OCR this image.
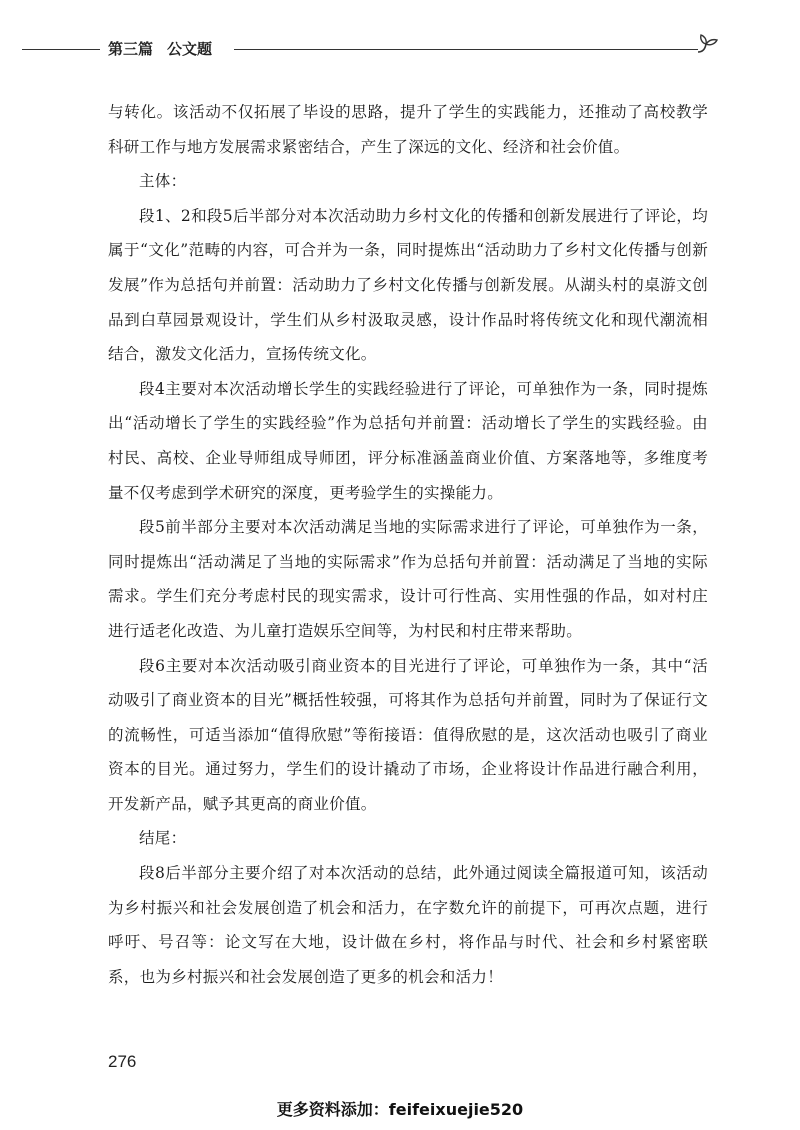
第三篇 公文题

与转化。该活动不仅拓展了毕设的思路，提升了学生的实践能力，还推动了高校教学科研工作与地方发展需求紧密结合，产生了深远的文化、经济和社会价值。

主体：

段1、2和段5后半部分对本次活动助力乡村文化的传播和创新发展进行了评论，均属于“文化”范畴的内容，可合并为一条，同时提炼出“活动助力了乡村文化传播与创新发展”作为总括句并前置：活动助力了乡村文化传播与创新发展。从湖头村的桌游文创品到白草园景观设计，学生们从乡村汲取灵感，设计作品时将传统文化和现代潮流相结合，激发文化活力，宣扬传统文化。

段4主要对本次活动增长学生的实践经验进行了评论，可单独作为一条，同时提炼出“活动增长了学生的实践经验”作为总括句并前置：活动增长了学生的实践经验。由村民、高校、企业导师组成导师团，评分标准涵盖商业价值、方案落地等，多维度考量不仅考虑到学术研究的深度，更考验学生的实操能力。

段5前半部分主要对本次活动满足当地的实际需求进行了评论，可单独作为一条，同时提炼出“活动满足了当地的实际需求”作为总括句并前置：活动满足了当地的实际需求。学生们充分考虑村民的现实需求，设计可行性高、实用性强的作品，如对村庄进行适老化改造、为儿童打造娱乐空间等，为村民和村庄带来帮助。

段6主要对本次活动吸引商业资本的目光进行了评论，可单独作为一条，其中“活动吸引了商业资本的目光”概括性较强，可将其作为总括句并前置，同时为了保证行文的流畅性，可适当添加“值得欣慰”等衔接语：值得欣慰的是，这次活动也吸引了商业资本的目光。通过努力，学生们的设计撬动了市场，企业将设计作品进行融合利用，开发新产品，赋予其更高的商业价值。

结尾：

段8后半部分主要介绍了对本次活动的总结，此外通过阅读全篇报道可知，该活动为乡村振兴和社会发展创造了机会和活力，在字数允许的前提下，可再次点题，进行呼吁、号召等：论文写在大地，设计做在乡村，将作品与时代、社会和乡村紧密联系，也为乡村振兴和社会发展创造了更多的机会和活力！

276
更多资料添加：feifeixuejie520
